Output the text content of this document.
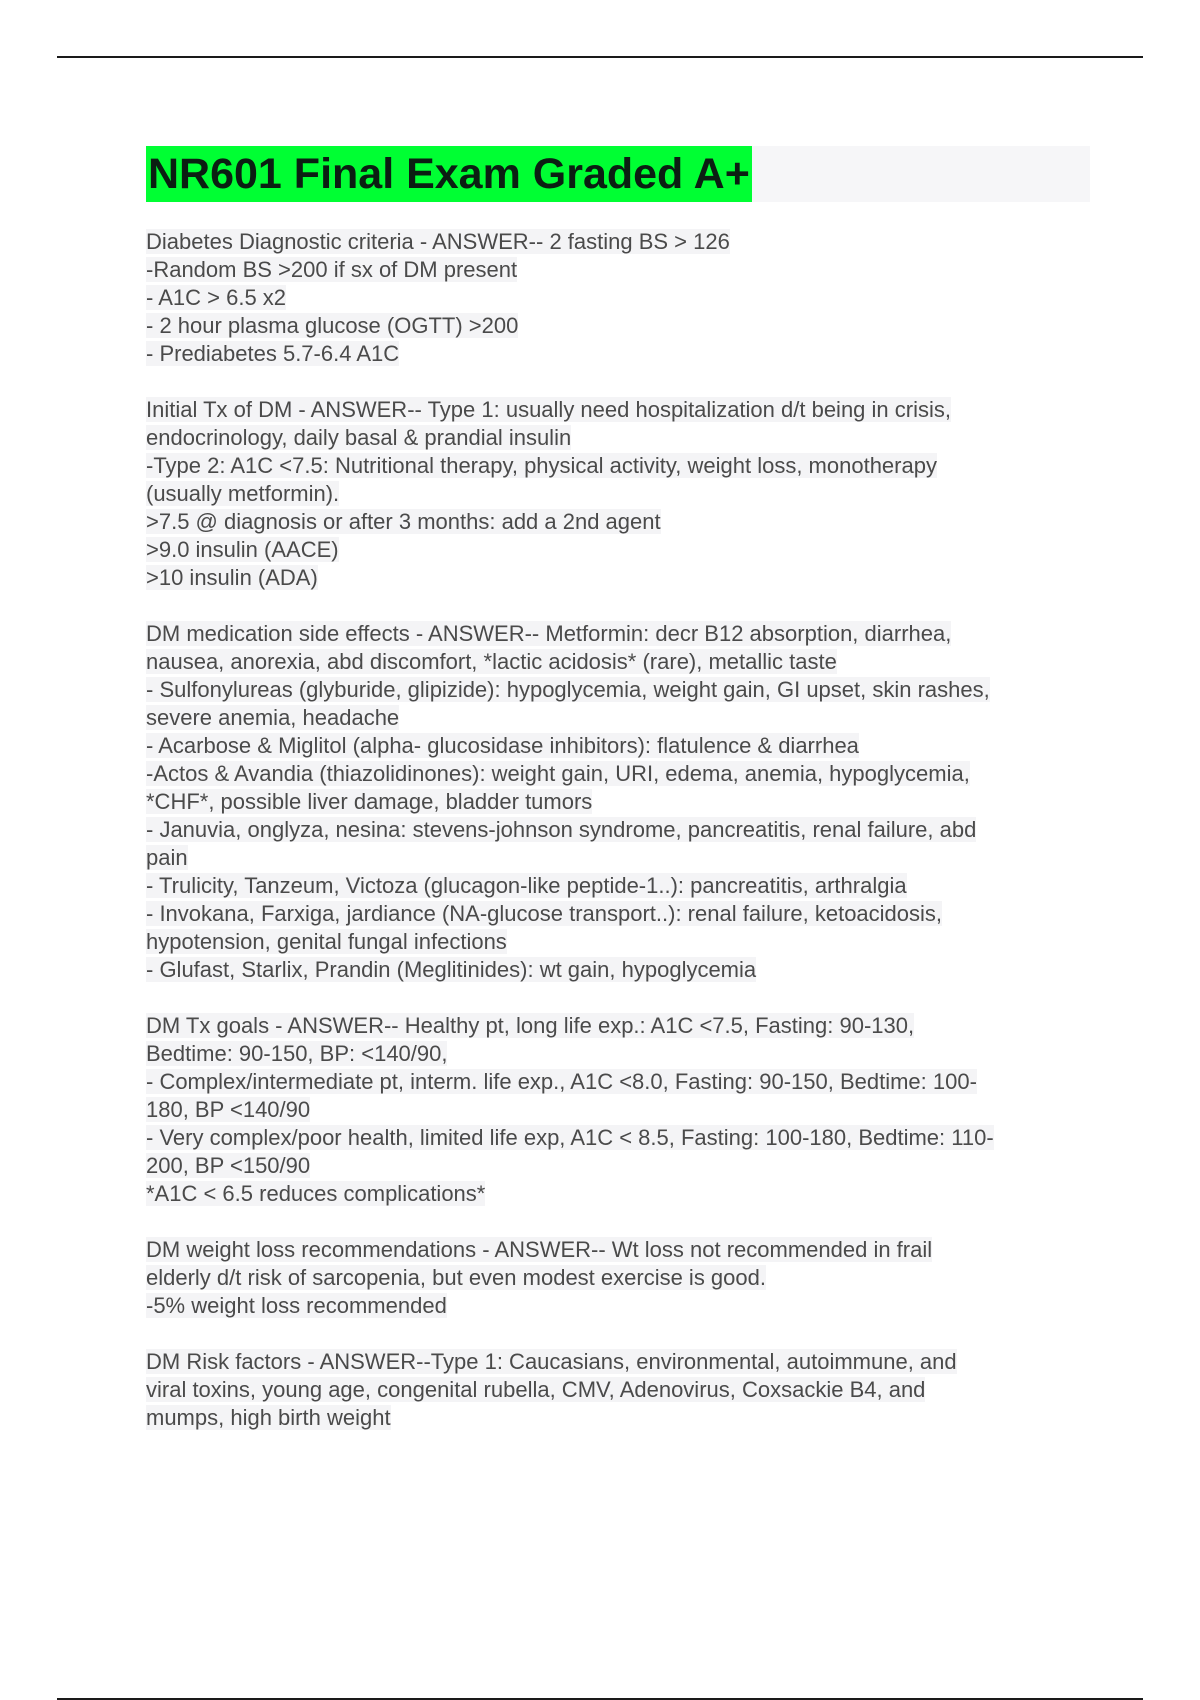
NR601 Final Exam Graded A+
Diabetes Diagnostic criteria - ANSWER-- 2 fasting BS > 126
-Random BS >200 if sx of DM present
- A1C > 6.5 x2
- 2 hour plasma glucose (OGTT) >200
- Prediabetes 5.7-6.4 A1C
Initial Tx of DM - ANSWER-- Type 1: usually need hospitalization d/t being in crisis,
endocrinology, daily basal & prandial insulin
-Type 2: A1C <7.5: Nutritional therapy, physical activity, weight loss, monotherapy
(usually metformin).
>7.5 @ diagnosis or after 3 months: add a 2nd agent
>9.0 insulin (AACE)
>10 insulin (ADA)
DM medication side effects - ANSWER-- Metformin: decr B12 absorption, diarrhea,
nausea, anorexia, abd discomfort, *lactic acidosis* (rare), metallic taste
- Sulfonylureas (glyburide, glipizide): hypoglycemia, weight gain, GI upset, skin rashes,
severe anemia, headache
- Acarbose & Miglitol (alpha- glucosidase inhibitors): flatulence & diarrhea
-Actos & Avandia (thiazolidinones): weight gain, URI, edema, anemia, hypoglycemia,
*CHF*, possible liver damage, bladder tumors
- Januvia, onglyza, nesina: stevens-johnson syndrome, pancreatitis, renal failure, abd
pain
- Trulicity, Tanzeum, Victoza (glucagon-like peptide-1..): pancreatitis, arthralgia
- Invokana, Farxiga, jardiance (NA-glucose transport..): renal failure, ketoacidosis,
hypotension, genital fungal infections
- Glufast, Starlix, Prandin (Meglitinides): wt gain, hypoglycemia
DM Tx goals - ANSWER-- Healthy pt, long life exp.: A1C <7.5, Fasting: 90-130,
Bedtime: 90-150, BP: <140/90,
- Complex/intermediate pt, interm. life exp., A1C <8.0, Fasting: 90-150, Bedtime: 100-
180, BP <140/90
- Very complex/poor health, limited life exp, A1C < 8.5, Fasting: 100-180, Bedtime: 110-
200, BP <150/90
*A1C < 6.5 reduces complications*
DM weight loss recommendations - ANSWER-- Wt loss not recommended in frail
elderly d/t risk of sarcopenia, but even modest exercise is good.
-5% weight loss recommended
DM Risk factors - ANSWER--Type 1: Caucasians, environmental, autoimmune, and
viral toxins, young age, congenital rubella, CMV, Adenovirus, Coxsackie B4, and
mumps, high birth weight
